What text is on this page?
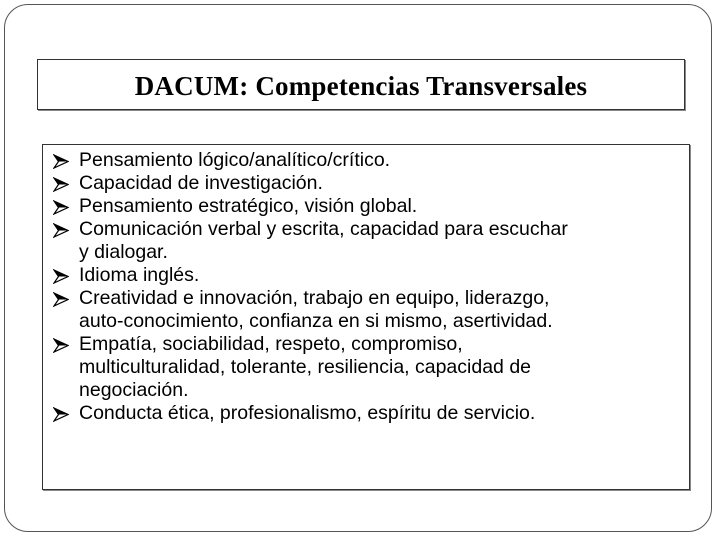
DACUM: Competencias Transversales
Pensamiento lógico/analítico/crítico.
Capacidad de investigación.
Pensamiento estratégico, visión global.
Comunicación verbal y escrita, capacidad para escuchar
y dialogar.
Idioma inglés.
Creatividad e innovación, trabajo en equipo, liderazgo,
auto-conocimiento, confianza en si mismo, asertividad.
Empatía, sociabilidad, respeto, compromiso,
multiculturalidad, tolerante, resiliencia, capacidad de
negociación.
Conducta ética, profesionalismo, espíritu de servicio.
